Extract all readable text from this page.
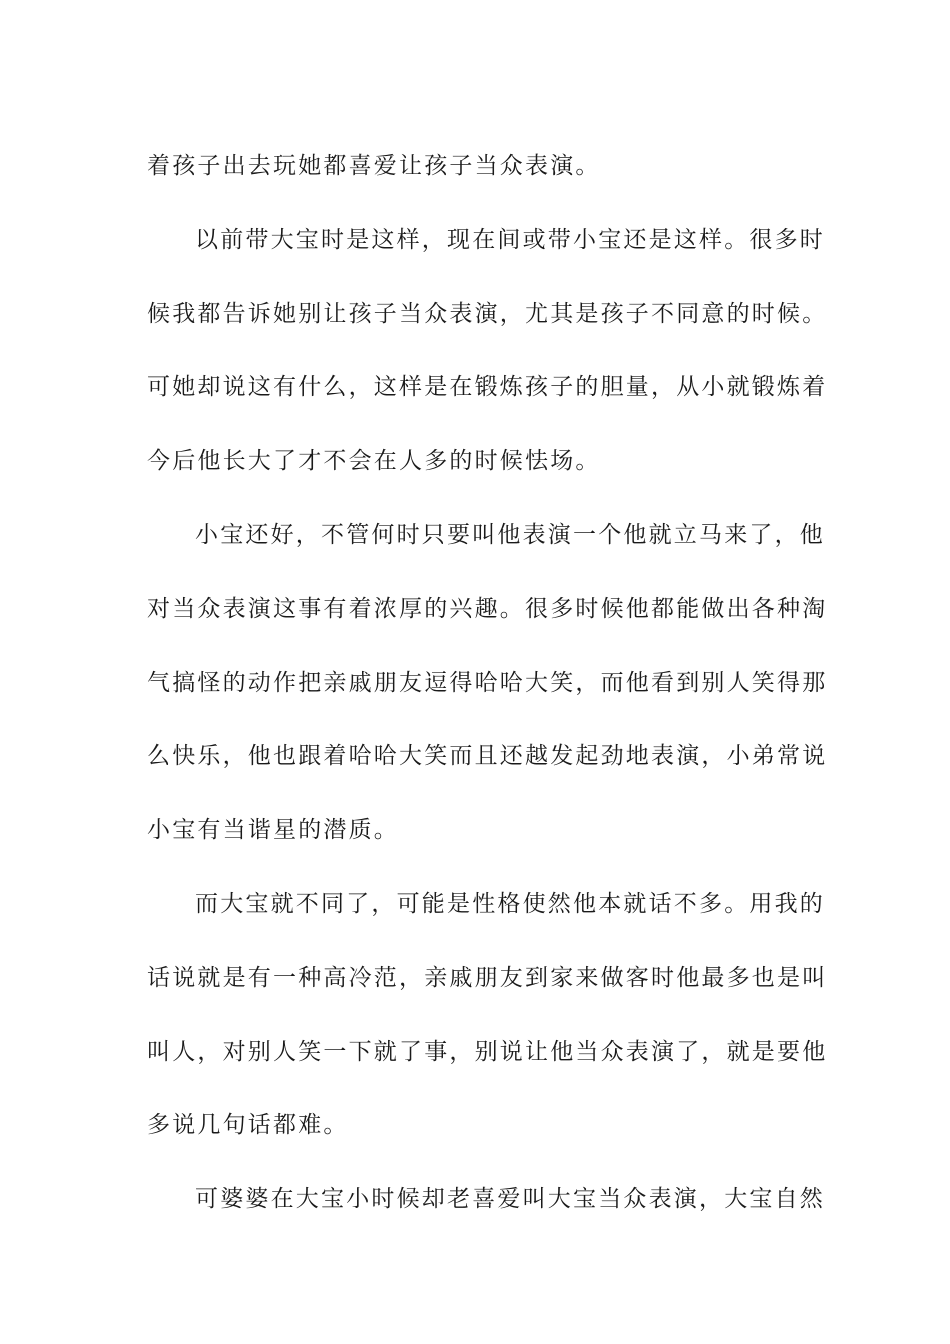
着孩子出去玩她都喜爱让孩子当众表演。
以前带大宝时是这样，现在间或带小宝还是这样。很多时
候我都告诉她别让孩子当众表演，尤其是孩子不同意的时候。
可她却说这有什么，这样是在锻炼孩子的胆量，从小就锻炼着
今后他长大了才不会在人多的时候怯场。
小宝还好，不管何时只要叫他表演一个他就立马来了，他
对当众表演这事有着浓厚的兴趣。很多时候他都能做出各种淘
气搞怪的动作把亲戚朋友逗得哈哈大笑，而他看到别人笑得那
么快乐，他也跟着哈哈大笑而且还越发起劲地表演，小弟常说
小宝有当谐星的潜质。
而大宝就不同了，可能是性格使然他本就话不多。用我的
话说就是有一种高冷范，亲戚朋友到家来做客时他最多也是叫
叫人，对别人笑一下就了事，别说让他当众表演了，就是要他
多说几句话都难。
可婆婆在大宝小时候却老喜爱叫大宝当众表演，大宝自然
